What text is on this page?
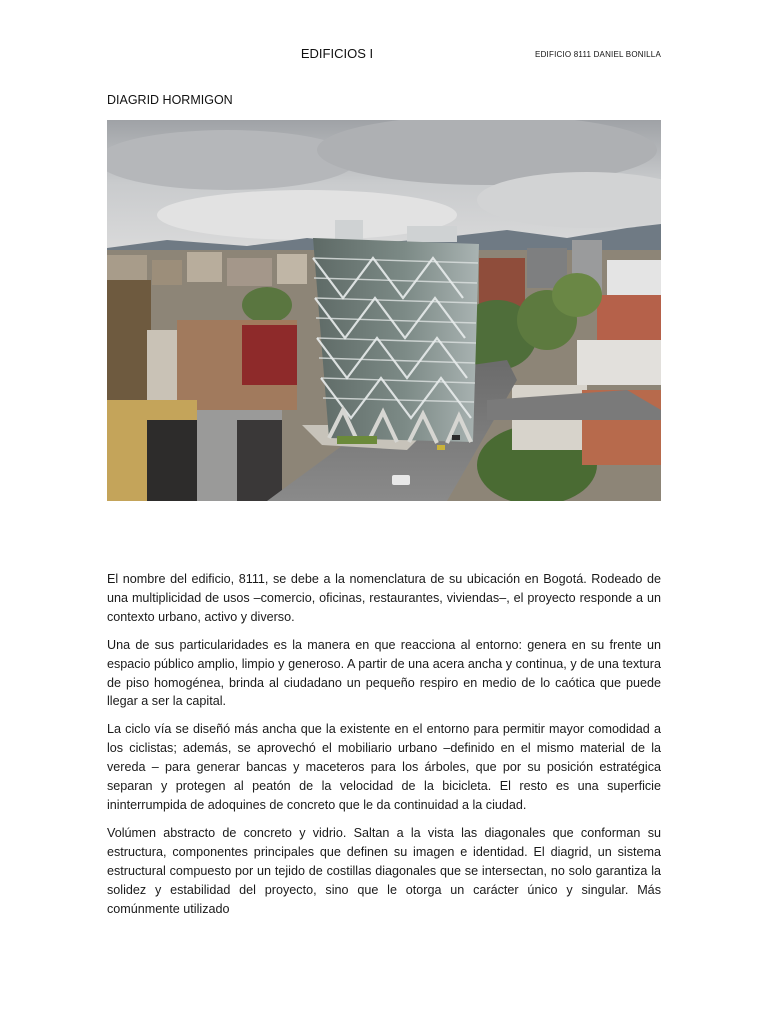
EDIFICIOS I	EDIFICIO 8111 DANIEL BONILLA
DIAGRID HORMIGON

El nombre del edificio, 8111, se debe a la nomenclatura de su ubicación en Bogotá. Rodeado de una multiplicidad de usos –comercio, oficinas, restaurantes, viviendas–, el proyecto responde a un contexto urbano, activo y diverso.

Una de sus particularidades es la manera en que reacciona al entorno: genera en su frente un espacio público amplio, limpio y generoso. A partir de una acera ancha y continua, y de una textura de piso homogénea, brinda al ciudadano un pequeño respiro en medio de lo caótica que puede llegar a ser la capital.

La ciclo vía se diseñó más ancha que la existente en el entorno para permitir mayor comodidad a los ciclistas; además, se aprovechó el mobiliario urbano –definido en el mismo material de la vereda – para generar bancas y maceteros para los árboles, que por su posición estratégica separan y protegen al peatón de la velocidad de la bicicleta. El resto es una superficie ininterrumpida de adoquines de concreto que le da continuidad a la ciudad.

Volúmen abstracto de concreto y vidrio. Saltan a la vista las diagonales que conforman su estructura, componentes principales que definen su imagen e identidad. El diagrid, un sistema estructural compuesto por un tejido de costillas diagonales que se intersectan, no solo garantiza la solidez y estabilidad del proyecto, sino que le otorga un carácter único y singular. Más comúnmente utilizado
